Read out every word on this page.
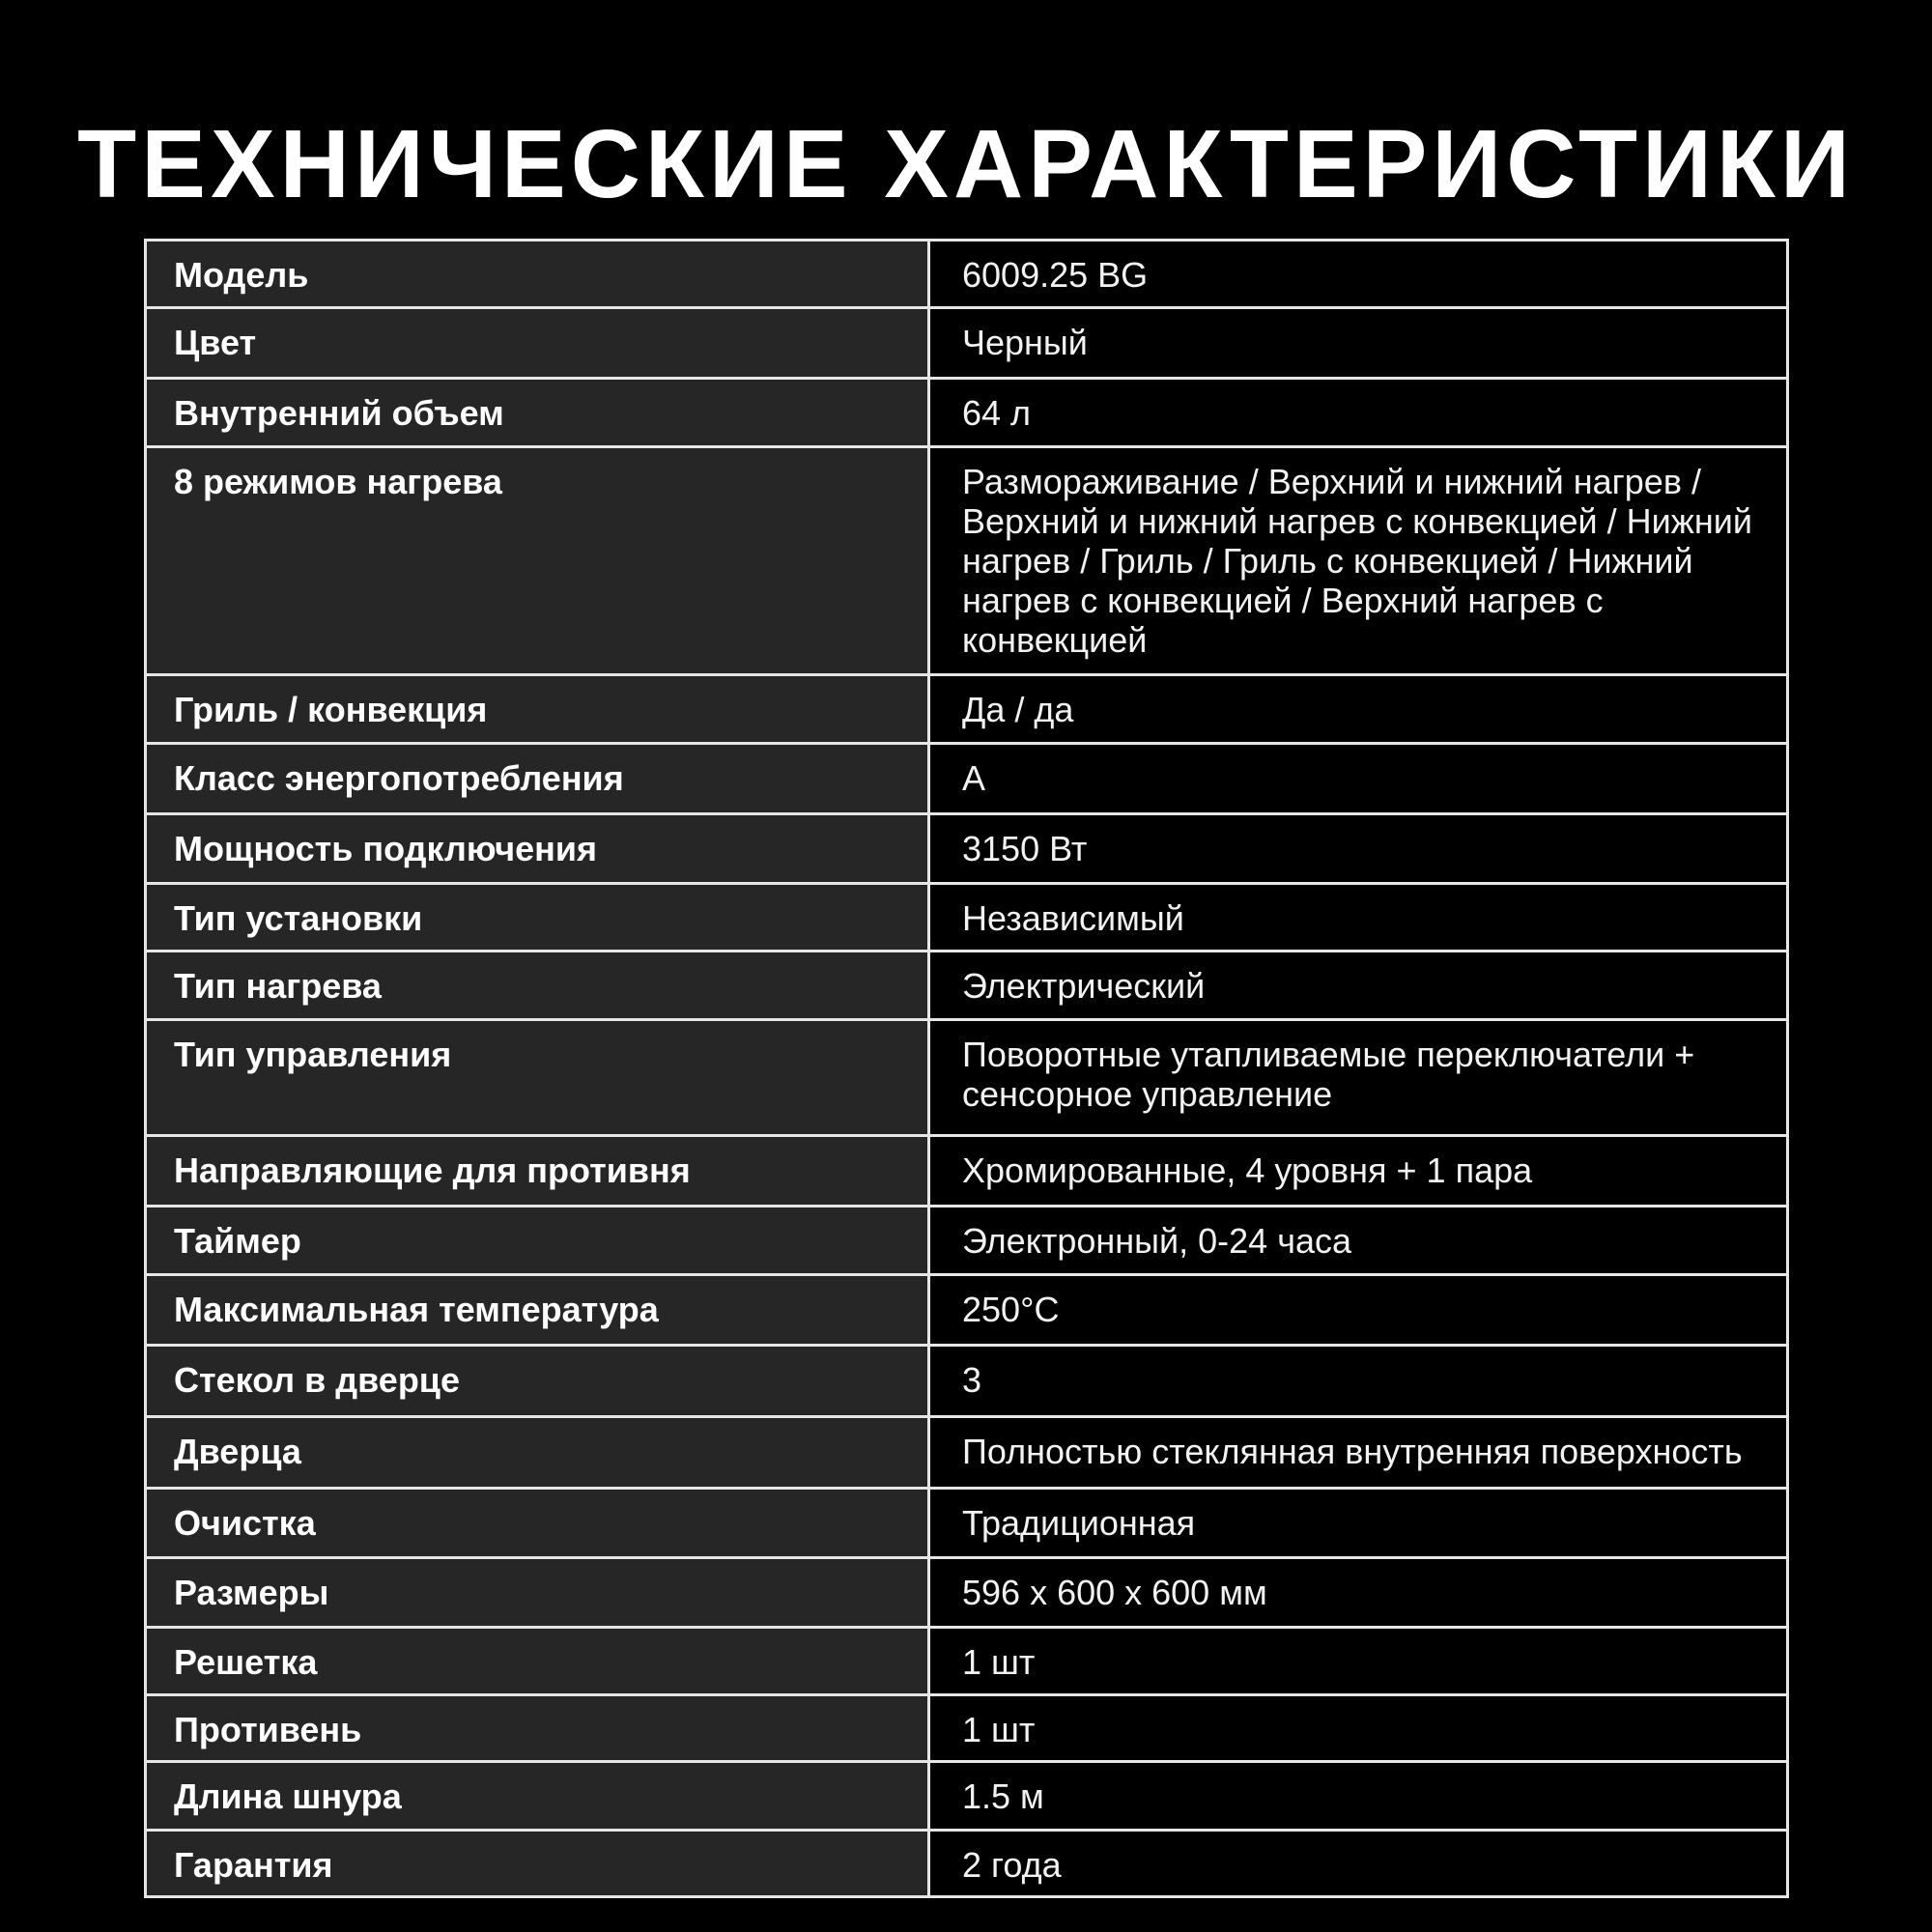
ТЕХНИЧЕСКИЕ ХАРАКТЕРИСТИКИ
Модель	6009.25 BG
Цвет	Черный
Внутренний объем	64 л
8 режимов нагрева	Размораживание / Верхний и нижний нагрев / Верхний и нижний нагрев с конвекцией / Нижний нагрев / Гриль / Гриль с конвекцией / Нижний нагрев с конвекцией / Верхний нагрев с конвекцией
Гриль / конвекция	Да / да
Класс энергопотребления	A
Мощность подключения	3150 Вт
Тип установки	Независимый
Тип нагрева	Электрический
Тип управления	Поворотные утапливаемые переключатели + сенсорное управление
Направляющие для противня	Хромированные, 4 уровня + 1 пара
Таймер	Электронный, 0-24 часа
Максимальная температура	250°C
Стекол в дверце	3
Дверца	Полностью стеклянная внутренняя поверхность
Очистка	Традиционная
Размеры	596 x 600 x 600 мм
Решетка	1 шт
Противень	1 шт
Длина шнура	1.5 м
Гарантия	2 года
